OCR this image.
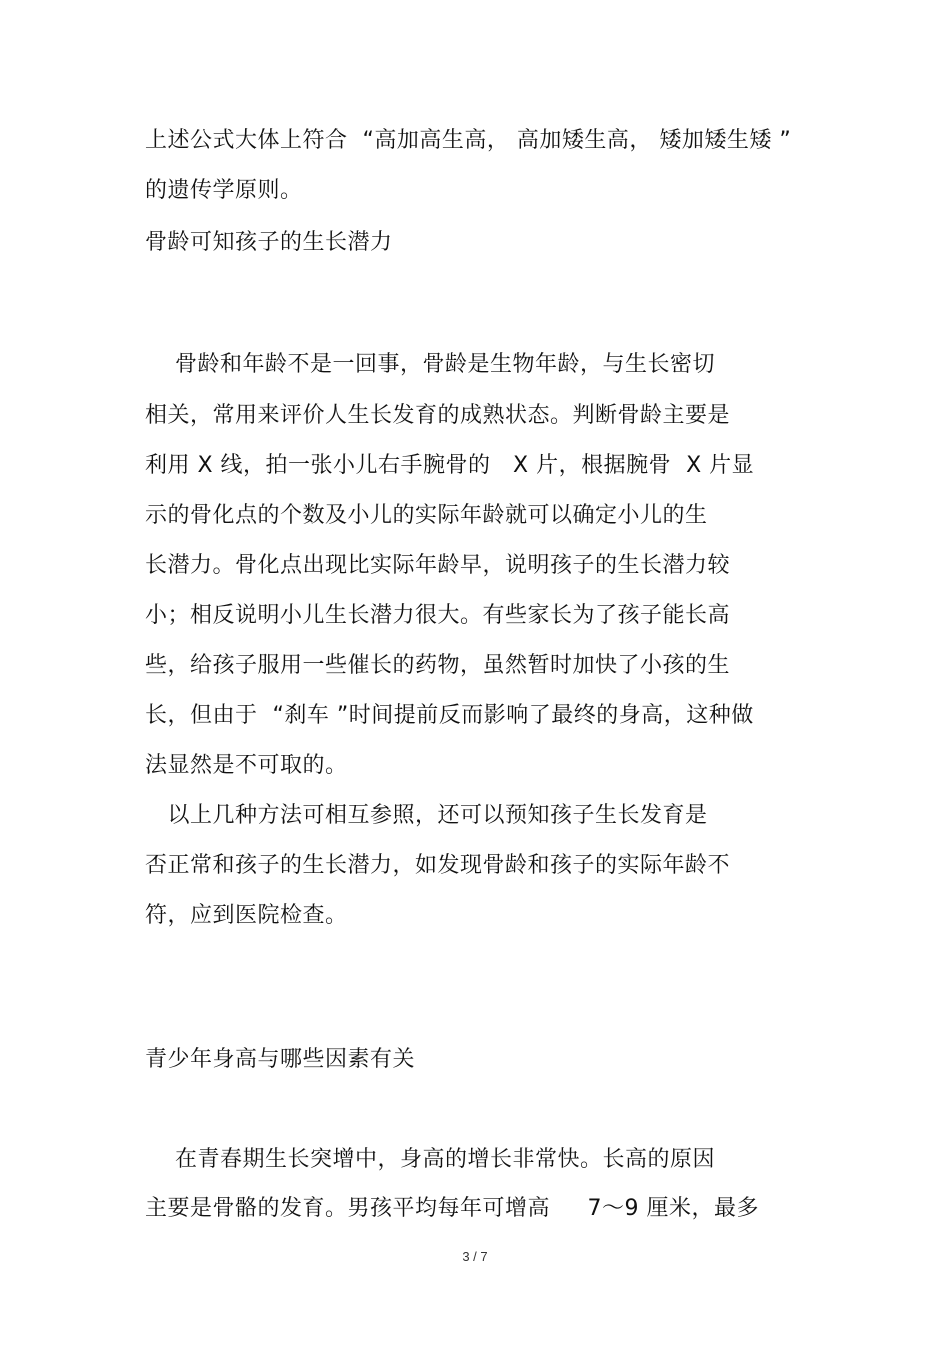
上述公式大体上符合  “高加高生高， 高加矮生高， 矮加矮生矮 ”
的遗传学原则。
骨龄可知孩子的生长潜力
骨龄和年龄不是一回事，骨龄是生物年龄，与生长密切
相关，常用来评价人生长发育的成熟状态。判断骨龄主要是
利用 X 线，拍一张小儿右手腕骨的   X 片，根据腕骨  X 片显
示的骨化点的个数及小儿的实际年龄就可以确定小儿的生
长潜力。骨化点出现比实际年龄早，说明孩子的生长潜力较
小；相反说明小儿生长潜力很大。有些家长为了孩子能长高
些，给孩子服用一些催长的药物，虽然暂时加快了小孩的生
长，但由于  “刹车 ”时间提前反而影响了最终的身高，这种做
法显然是不可取的。
以上几种方法可相互参照，还可以预知孩子生长发育是
否正常和孩子的生长潜力，如发现骨龄和孩子的实际年龄不
符，应到医院检查。
青少年身高与哪些因素有关
在青春期生长突增中，身高的增长非常快。长高的原因
主要是骨骼的发育。男孩平均每年可增高     7～9 厘米，最多
3 / 7
